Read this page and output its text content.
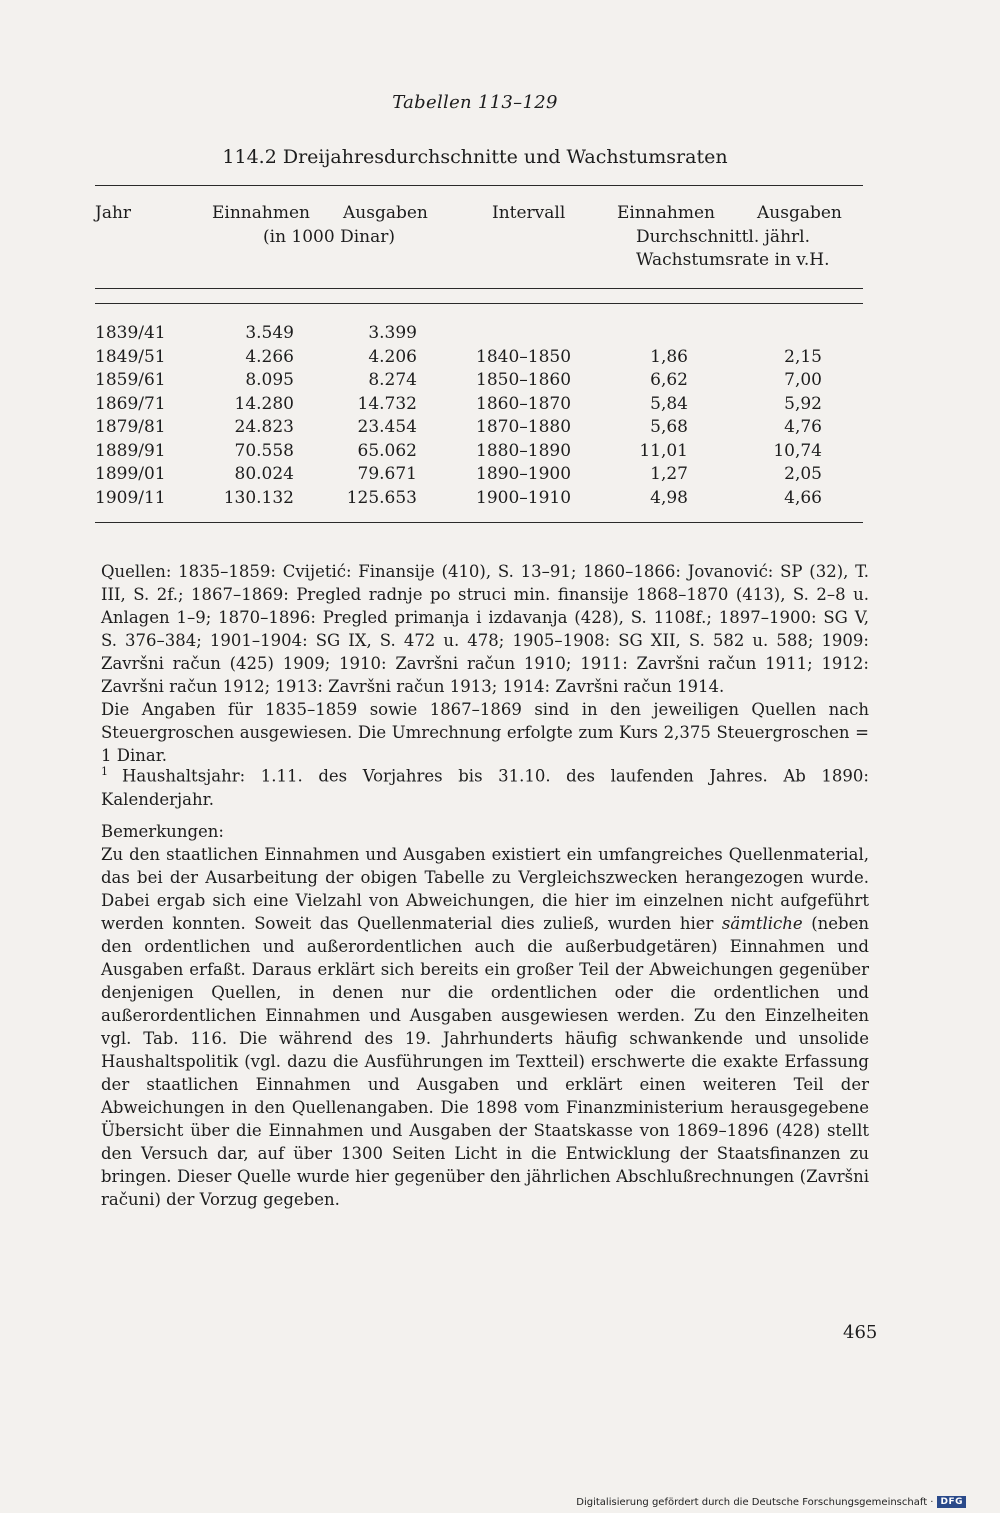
Tabellen 113–129
114.2 Dreijahresdurchschnitte und Wachstumsraten
Jahr	Einnahmen Ausgaben
(in 1000 Dinar)
Intervall	Einnahmen Ausgaben
Durchschnittl. jährl.
Wachstumsrate in v.H.
1839/41	3.549	3.399
1849/51	4.266	4.206	1840–1850	1,86	2,15
1859/61	8.095	8.274	1850–1860	6,62	7,00
1869/71	14.280	14.732	1860–1870	5,84	5,92
1879/81	24.823	23.454	1870–1880	5,68	4,76
1889/91	70.558	65.062	1880–1890	11,01	10,74
1899/01	80.024	79.671	1890–1900	1,27	2,05
1909/11	130.132	125.653	1900–1910	4,98	4,66
Quellen: 1835–1859: Cvijetić: Finansije (410), S. 13–91; 1860–1866: Jovanović: SP (32), T. III, S. 2f.; 1867–1869: Pregled radnje po struci min. finansije 1868–1870 (413), S. 2–8 u. Anlagen 1–9; 1870–1896: Pregled primanja i izdavanja (428), S. 1108f.; 1897–1900: SG V, S. 376–384; 1901–1904: SG IX, S. 472 u. 478; 1905–1908: SG XII, S. 582 u. 588; 1909: Završni račun (425) 1909; 1910: Završni račun 1910; 1911: Završni račun 1911; 1912: Završni račun 1912; 1913: Završni račun 1913; 1914: Završni račun 1914.
Die Angaben für 1835–1859 sowie 1867–1869 sind in den jeweiligen Quellen nach Steuergroschen ausgewiesen. Die Umrechnung erfolgte zum Kurs 2,375 Steuergroschen = 1 Dinar.
$^1$ Haushaltsjahr: 1.11. des Vorjahres bis 31.10. des laufenden Jahres. Ab 1890: Kalenderjahr.
Bemerkungen:
Zu den staatlichen Einnahmen und Ausgaben existiert ein umfangreiches Quellenmaterial, das bei der Ausarbeitung der obigen Tabelle zu Vergleichszwecken herangezogen wurde. Dabei ergab sich eine Vielzahl von Abweichungen, die hier im einzelnen nicht aufgeführt werden konnten. Soweit das Quellenmaterial dies zuließ, wurden hier sämtliche (neben den ordentlichen und außerordentlichen auch die außerbudgetären) Einnahmen und Ausgaben erfaßt. Daraus erklärt sich bereits ein großer Teil der Abweichungen gegenüber denjenigen Quellen, in denen nur die ordentlichen oder die ordentlichen und außerordentlichen Einnahmen und Ausgaben ausgewiesen werden. Zu den Einzelheiten vgl. Tab. 116. Die während des 19. Jahrhunderts häufig schwankende und unsolide Haushaltspolitik (vgl. dazu die Ausführungen im Textteil) erschwerte die exakte Erfassung der staatlichen Einnahmen und Ausgaben und erklärt einen weiteren Teil der Abweichungen in den Quellenangaben. Die 1898 vom Finanzministerium herausgegebene Übersicht über die Einnahmen und Ausgaben der Staatskasse von 1869–1896 (428) stellt den Versuch dar, auf über 1300 Seiten Licht in die Entwicklung der Staatsfinanzen zu bringen. Dieser Quelle wurde hier gegenüber den jährlichen Abschlußrechnungen (Završni računi) der Vorzug gegeben.
465
Digitalisierung gefördert durch die Deutsche Forschungsgemeinschaft · DFG
